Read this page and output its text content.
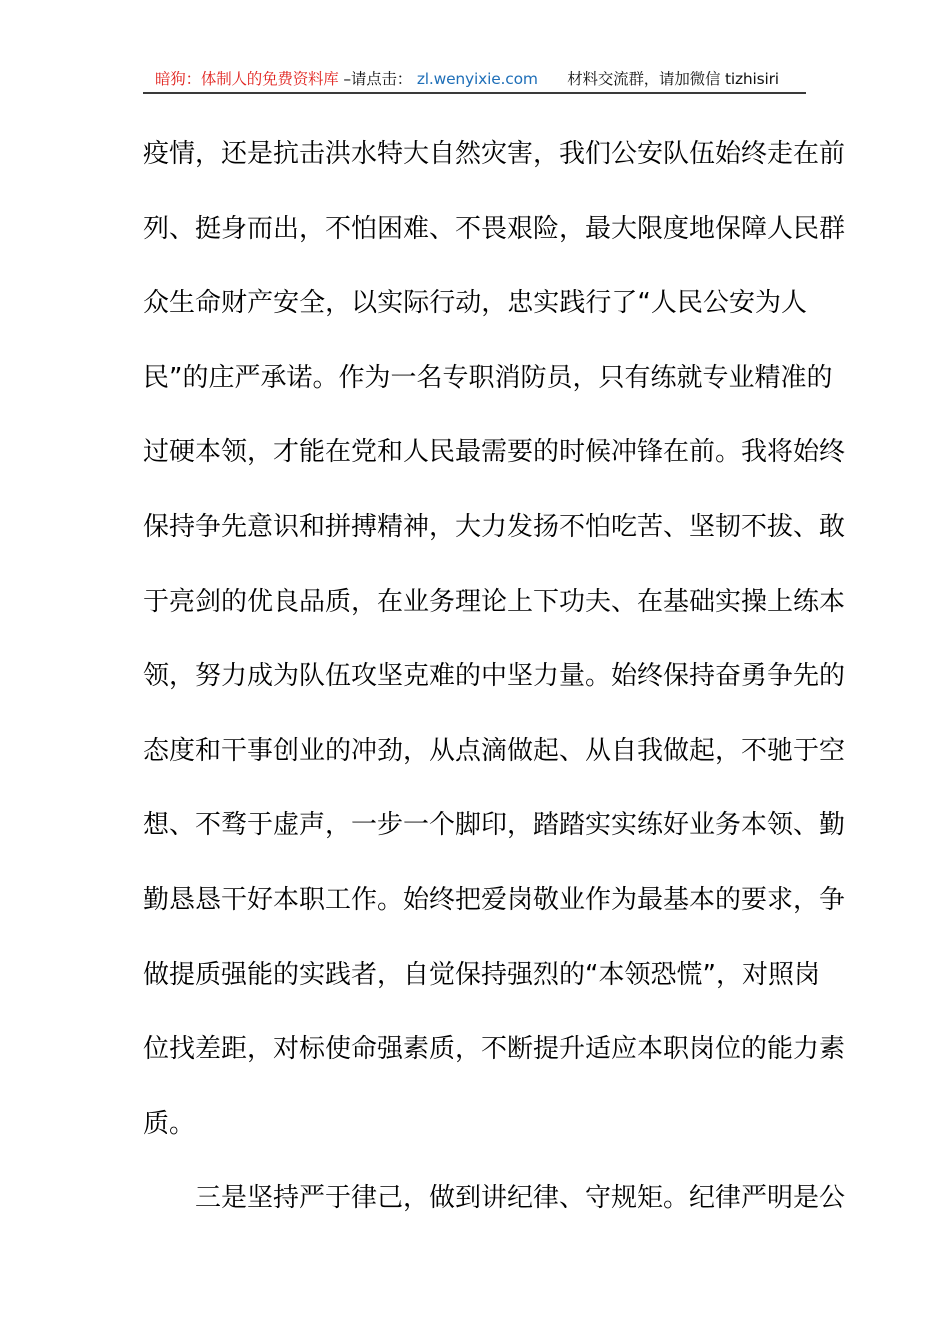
暗狗：体制人的免费资料库 –请点击： zl.wenyixie.com 材料交流群，请加微信 tizhisiri
疫情，还是抗击洪水特大自然灾害，我们公安队伍始终走在前
列、挺身而出，不怕困难、不畏艰险，最大限度地保障人民群
众生命财产安全，以实际行动，忠实践行了“人民公安为人
民”的庄严承诺。作为一名专职消防员，只有练就专业精准的
过硬本领，才能在党和人民最需要的时候冲锋在前。我将始终
保持争先意识和拼搏精神，大力发扬不怕吃苦、坚韧不拔、敢
于亮剑的优良品质，在业务理论上下功夫、在基础实操上练本
领，努力成为队伍攻坚克难的中坚力量。始终保持奋勇争先的
态度和干事创业的冲劲，从点滴做起、从自我做起，不驰于空
想、不骛于虚声，一步一个脚印，踏踏实实练好业务本领、勤
勤恳恳干好本职工作。始终把爱岗敬业作为最基本的要求，争
做提质强能的实践者，自觉保持强烈的“本领恐慌”，对照岗
位找差距，对标使命强素质，不断提升适应本职岗位的能力素
质。
三是坚持严于律己，做到讲纪律、守规矩。纪律严明是公
